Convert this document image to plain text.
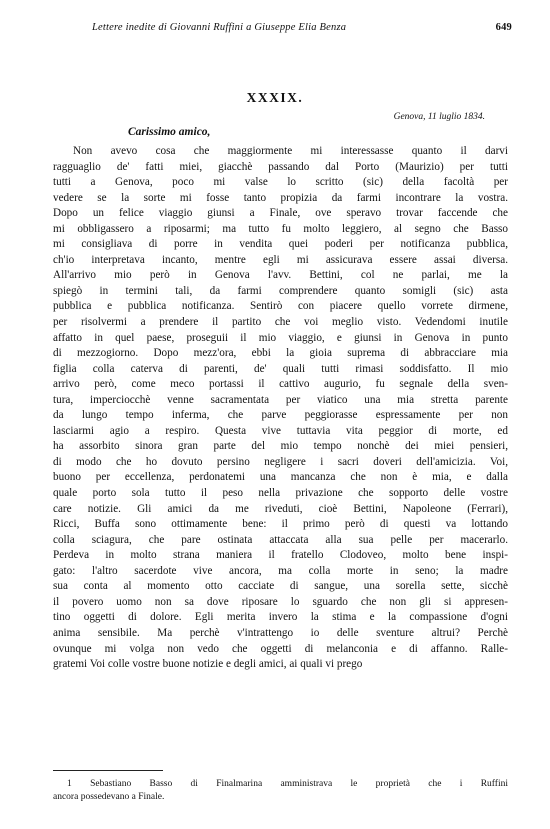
Lettere inedite di Giovanni Ruffini a Giuseppe Elia Benza	649
XXXIX.
Genova, 11 luglio 1834.
Carissimo amico,
Non avevo cosa che maggiormente mi interessasse quanto il darvi
ragguaglio de' fatti miei, giacchè passando dal Porto (Maurizio) per tutti
tutti a Genova, poco mi valse lo scritto (sic) della facoltà per
vedere se la sorte mi fosse tanto propizia da farmi incontrare la vostra.
Dopo un felice viaggio giunsi a Finale, ove speravo trovar faccende che
mi obbligassero a riposarmi; ma tutto fu molto leggiero, al segno che Basso
mi consigliava di porre in vendita quei poderi per notificanza pubblica,
ch'io interpretava incanto, mentre egli mi assicurava essere assai diversa.
All'arrivo mio però in Genova l'avv. Bettini, col ne parlai, me la
spiegò in termini tali, da farmi comprendere quanto somigli (sic) asta
pubblica e pubblica notificanza. Sentirò con piacere quello vorrete dirmene,
per risolvermi a prendere il partito che voi meglio visto. Vedendomi inutile
affatto in quel paese, proseguii il mio viaggio, e giunsi in Genova in punto
di mezzogiorno. Dopo mezz'ora, ebbi la gioia suprema di abbracciare mia
figlia colla caterva di parenti, de' quali tutti rimasi soddisfatto. Il mio
arrivo però, come meco portassi il cattivo augurio, fu segnale della sven-
tura, imperciocchè venne sacramentata per viatico una mia stretta parente
da lungo tempo inferma, che parve peggiorasse espressamente per non
lasciarmi agio a respiro. Questa vive tuttavia vita peggior di morte, ed
ha assorbito sinora gran parte del mio tempo nonchè dei miei pensieri,
di modo che ho dovuto persino negligere i sacri doveri dell'amicizia. Voi,
buono per eccellenza, perdonatemi una mancanza che non è mia, e dalla
quale porto sola tutto il peso nella privazione che sopporto delle vostre
care notizie. Gli amici da me riveduti, cioè Bettini, Napoleone (Ferrari),
Ricci, Buffa sono ottimamente bene: il primo però di questi va lottando
colla sciagura, che pare ostinata attaccata alla sua pelle per macerarlo.
Perdeva in molto strana maniera il fratello Clodoveo, molto bene inspi-
gato: l'altro sacerdote vive ancora, ma colla morte in seno; la madre
sua conta al momento otto cacciate di sangue, una sorella sette, sicchè
il povero uomo non sa dove riposare lo sguardo che non gli si appresen-
tino oggetti di dolore. Egli merita invero la stima e la compassione d'ogni
anima sensibile. Ma perchè v'intrattengo io delle sventure altrui? Perchè
ovunque mi volga non vedo che oggetti di melanconia e di affanno. Ralle-
gratemi Voi colle vostre buone notizie e degli amici, ai quali vi prego
1 Sebastiano Basso di Finalmarina amministrava le proprietà che i Ruffini
ancora possedevano a Finale.
